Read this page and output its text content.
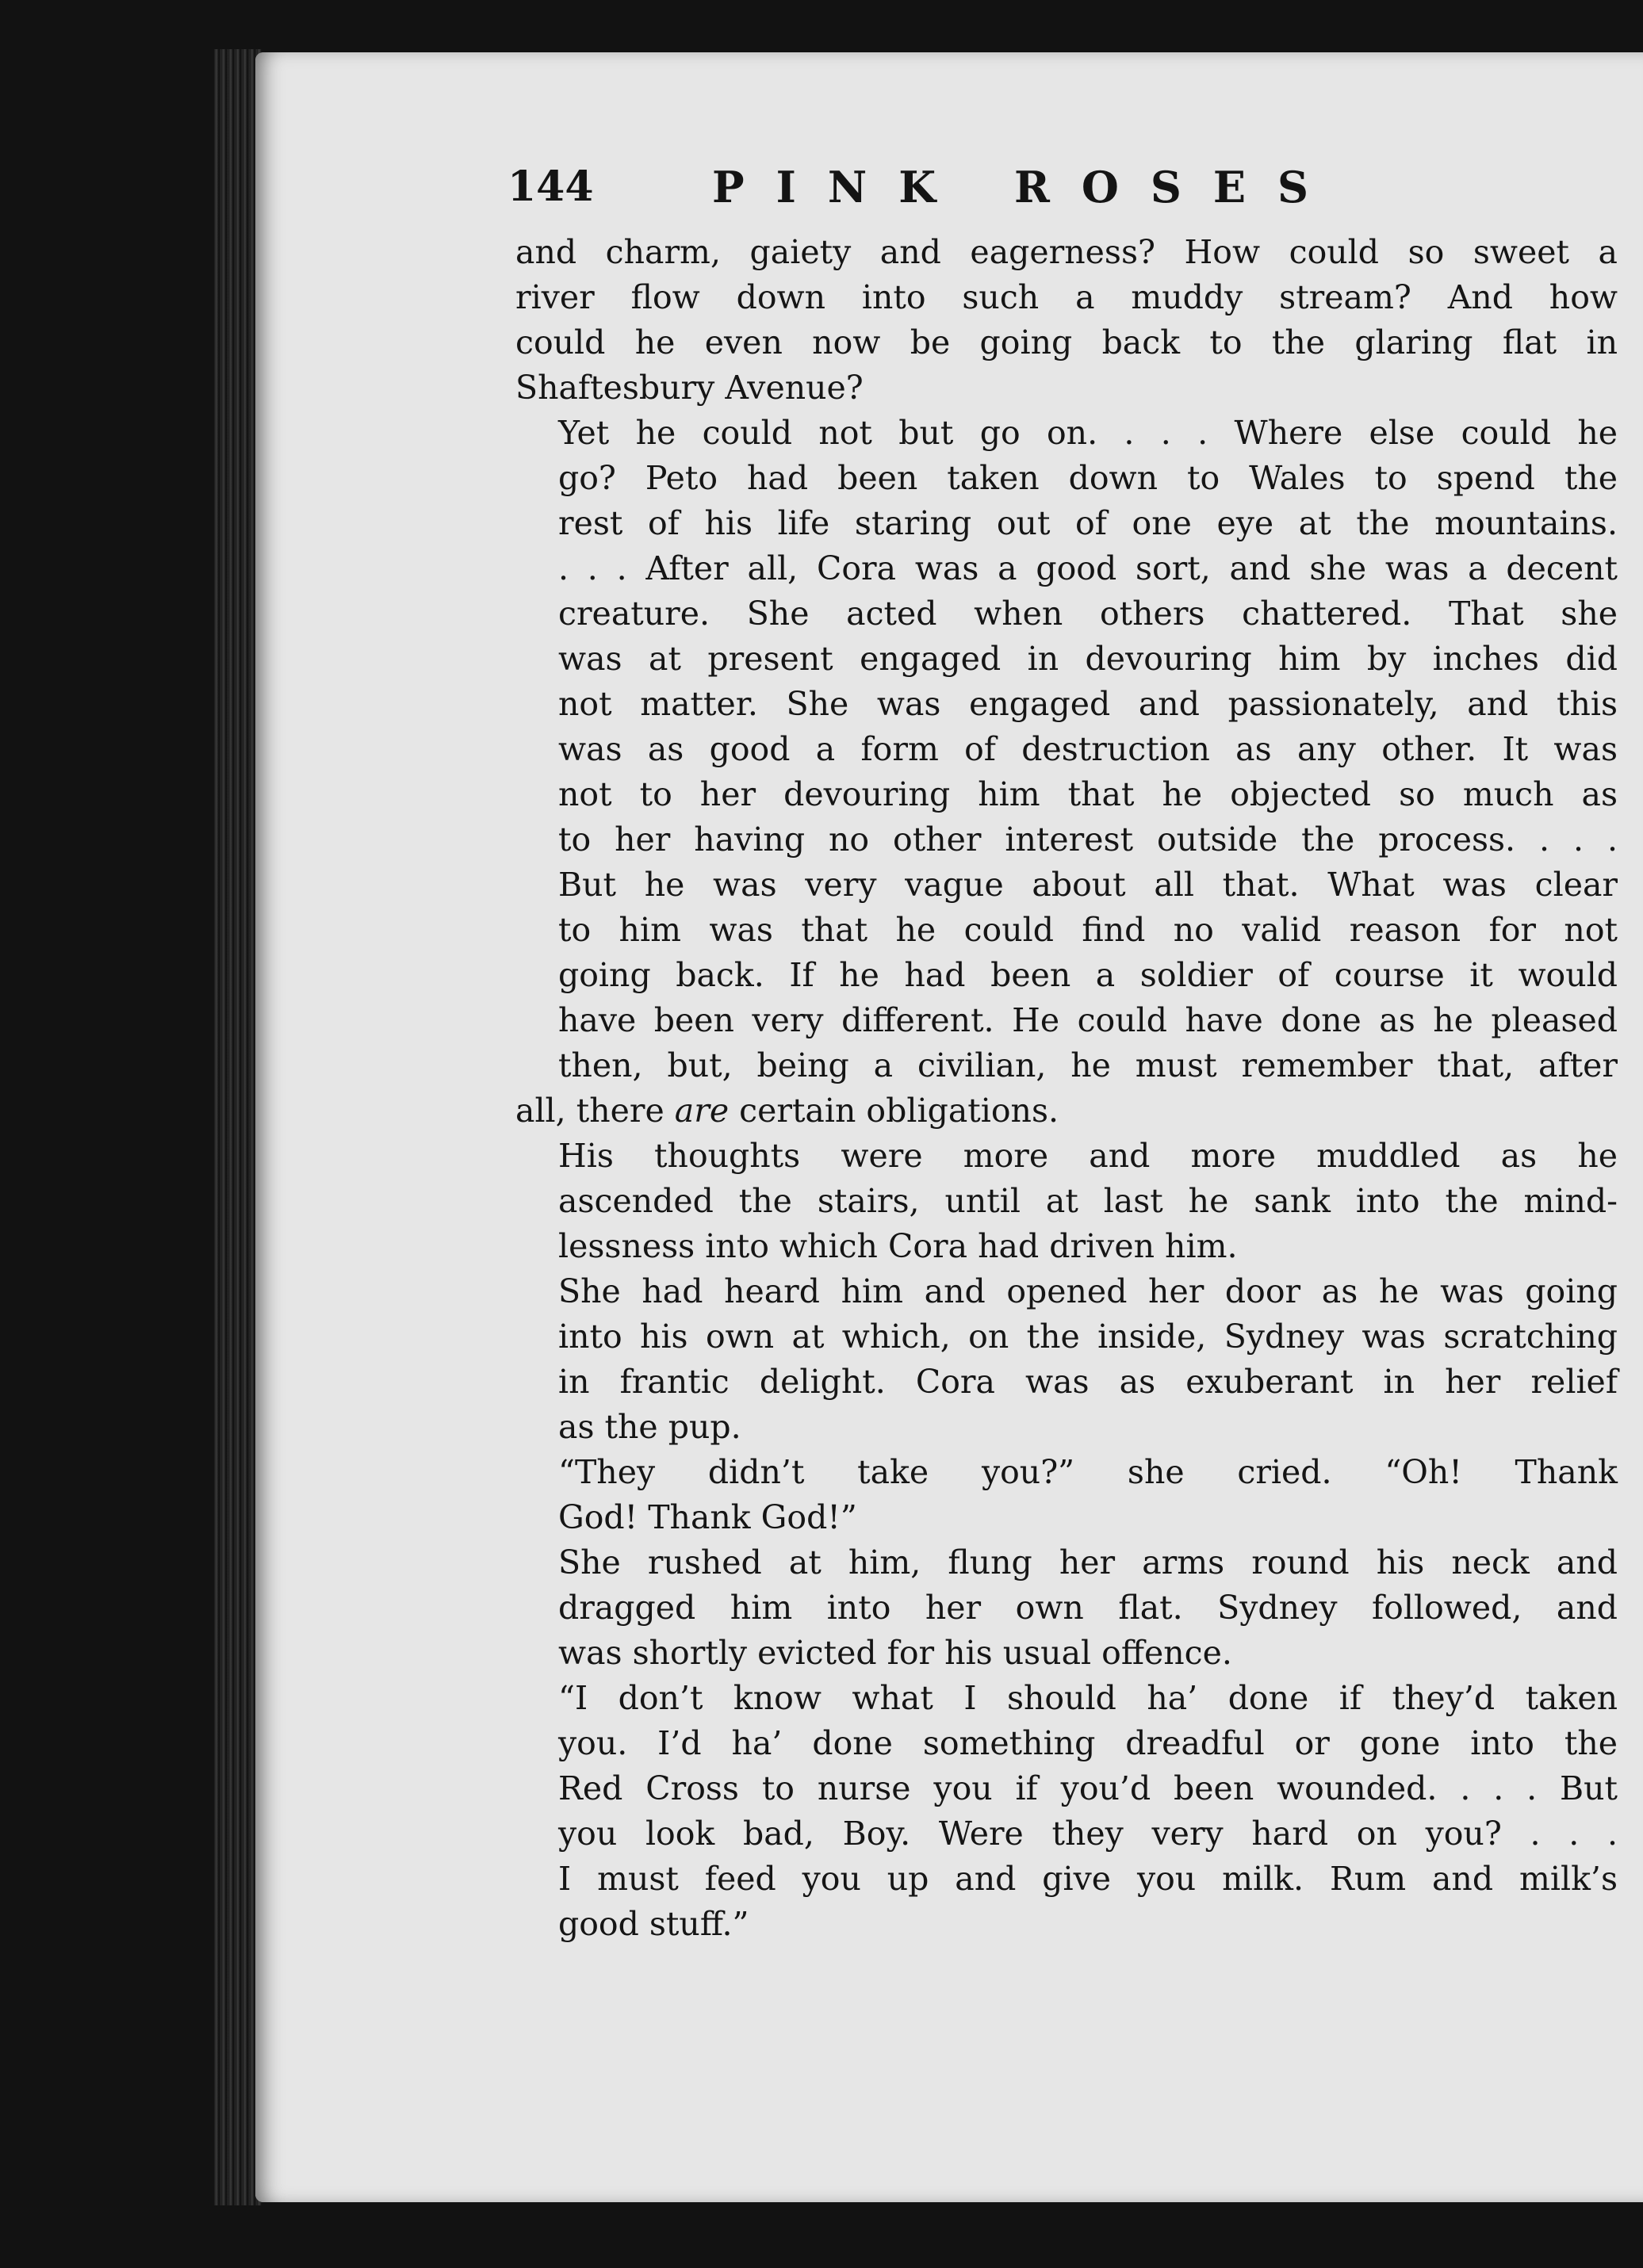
144	PINK ROSES

and charm, gaiety and eagerness? How could so sweet a
river flow down into such a muddy stream? And how
could he even now be going back to the glaring flat in
Shaftesbury Avenue?

Yet he could not but go on. . . . Where else could he
go? Peto had been taken down to Wales to spend the
rest of his life staring out of one eye at the mountains.
. . . After all, Cora was a good sort, and she was a decent
creature. She acted when others chattered. That she
was at present engaged in devouring him by inches did
not matter. She was engaged and passionately, and this
was as good a form of destruction as any other. It was
not to her devouring him that he objected so much as
to her having no other interest outside the process. . . .
But he was very vague about all that. What was clear
to him was that he could find no valid reason for not
going back. If he had been a soldier of course it would
have been very different. He could have done as he pleased
then, but, being a civilian, he must remember that, after

all, there are certain obligations.

His thoughts were more and more muddled as he
ascended the stairs, until at last he sank into the mind-
lessness into which Cora had driven him.

She had heard him and opened her door as he was going
into his own at which, on the inside, Sydney was scratching
in frantic delight. Cora was as exuberant in her relief
as the pup.

“They didn’t take you?” she cried. “Oh! Thank
God! Thank God!”

She rushed at him, flung her arms round his neck and
dragged him into her own flat. Sydney followed, and
was shortly evicted for his usual offence.

“I don’t know what I should ha’ done if they’d taken
you. I’d ha’ done something dreadful or gone into the
Red Cross to nurse you if you’d been wounded. . . . But
you look bad, Boy. Were they very hard on you? . . .
I must feed you up and give you milk. Rum and milk’s
good stuff.”
